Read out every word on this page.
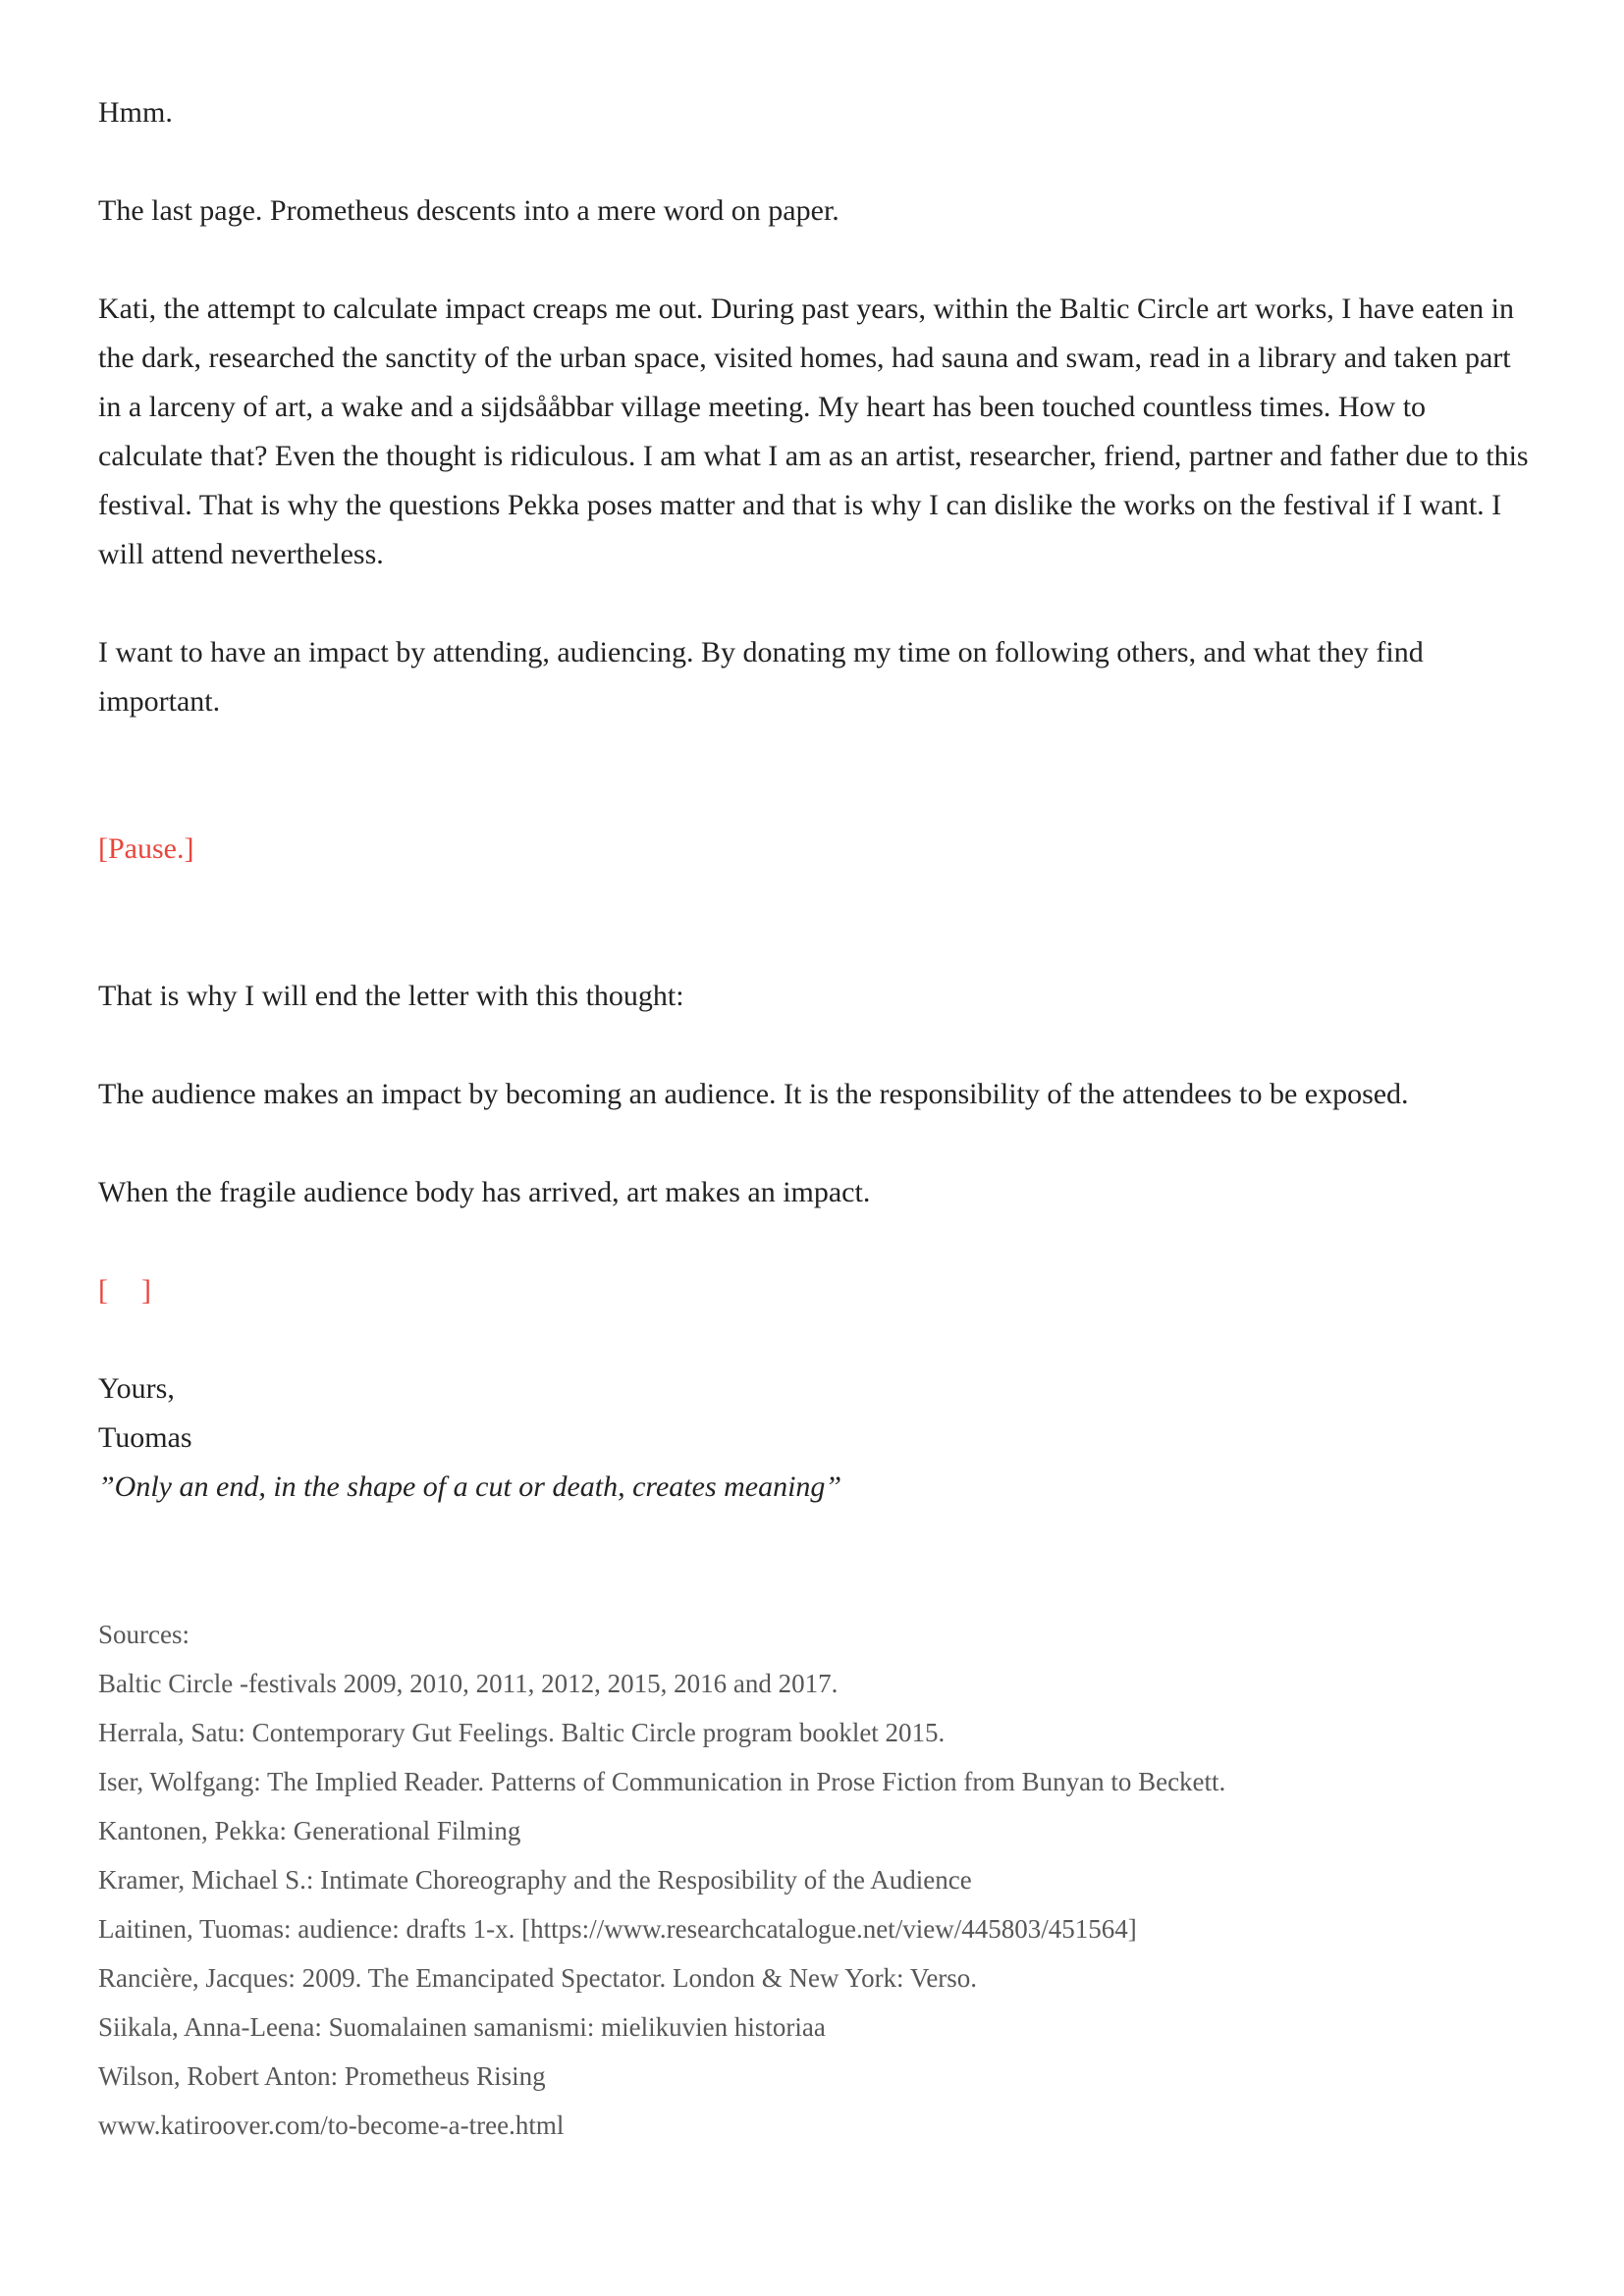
Hmm.

The last page. Prometheus descents into a mere word on paper.

Kati, the attempt to calculate impact creaps me out. During past years, within the Baltic Circle art works, I have eaten in the dark, researched the sanctity of the urban space, visited homes, had sauna and swam, read in a library and taken part in a larceny of art, a wake and a sijdsååbbar village meeting. My heart has been touched countless times. How to calculate that? Even the thought is ridiculous. I am what I am as an artist, researcher, friend, partner and father due to this festival. That is why the questions Pekka poses matter and that is why I can dislike the works on the festival if I want. I will attend nevertheless.

I want to have an impact by attending, audiencing. By donating my time on following others, and what they find important.

[Pause.]

That is why I will end the letter with this thought:

The audience makes an impact by becoming an audience. It is the responsibility of the attendees to be exposed.

When the fragile audience body has arrived, art makes an impact.

[ ]

Yours,

Tuomas

”Only an end, in the shape of a cut or death, creates meaning”

Sources:

Baltic Circle -festivals 2009, 2010, 2011, 2012, 2015, 2016 and 2017.

Herrala, Satu: Contemporary Gut Feelings. Baltic Circle program booklet 2015.

Iser, Wolfgang: The Implied Reader. Patterns of Communication in Prose Fiction from Bunyan to Beckett.

Kantonen, Pekka: Generational Filming

Kramer, Michael S.: Intimate Choreography and the Resposibility of the Audience

Laitinen, Tuomas: audience: drafts 1-x. [https://www.researchcatalogue.net/view/445803/451564]

Rancière, Jacques: 2009. The Emancipated Spectator. London & New York: Verso.

Siikala, Anna-Leena: Suomalainen samanismi: mielikuvien historiaa

Wilson, Robert Anton: Prometheus Rising

www.katiroover.com/to-become-a-tree.html
